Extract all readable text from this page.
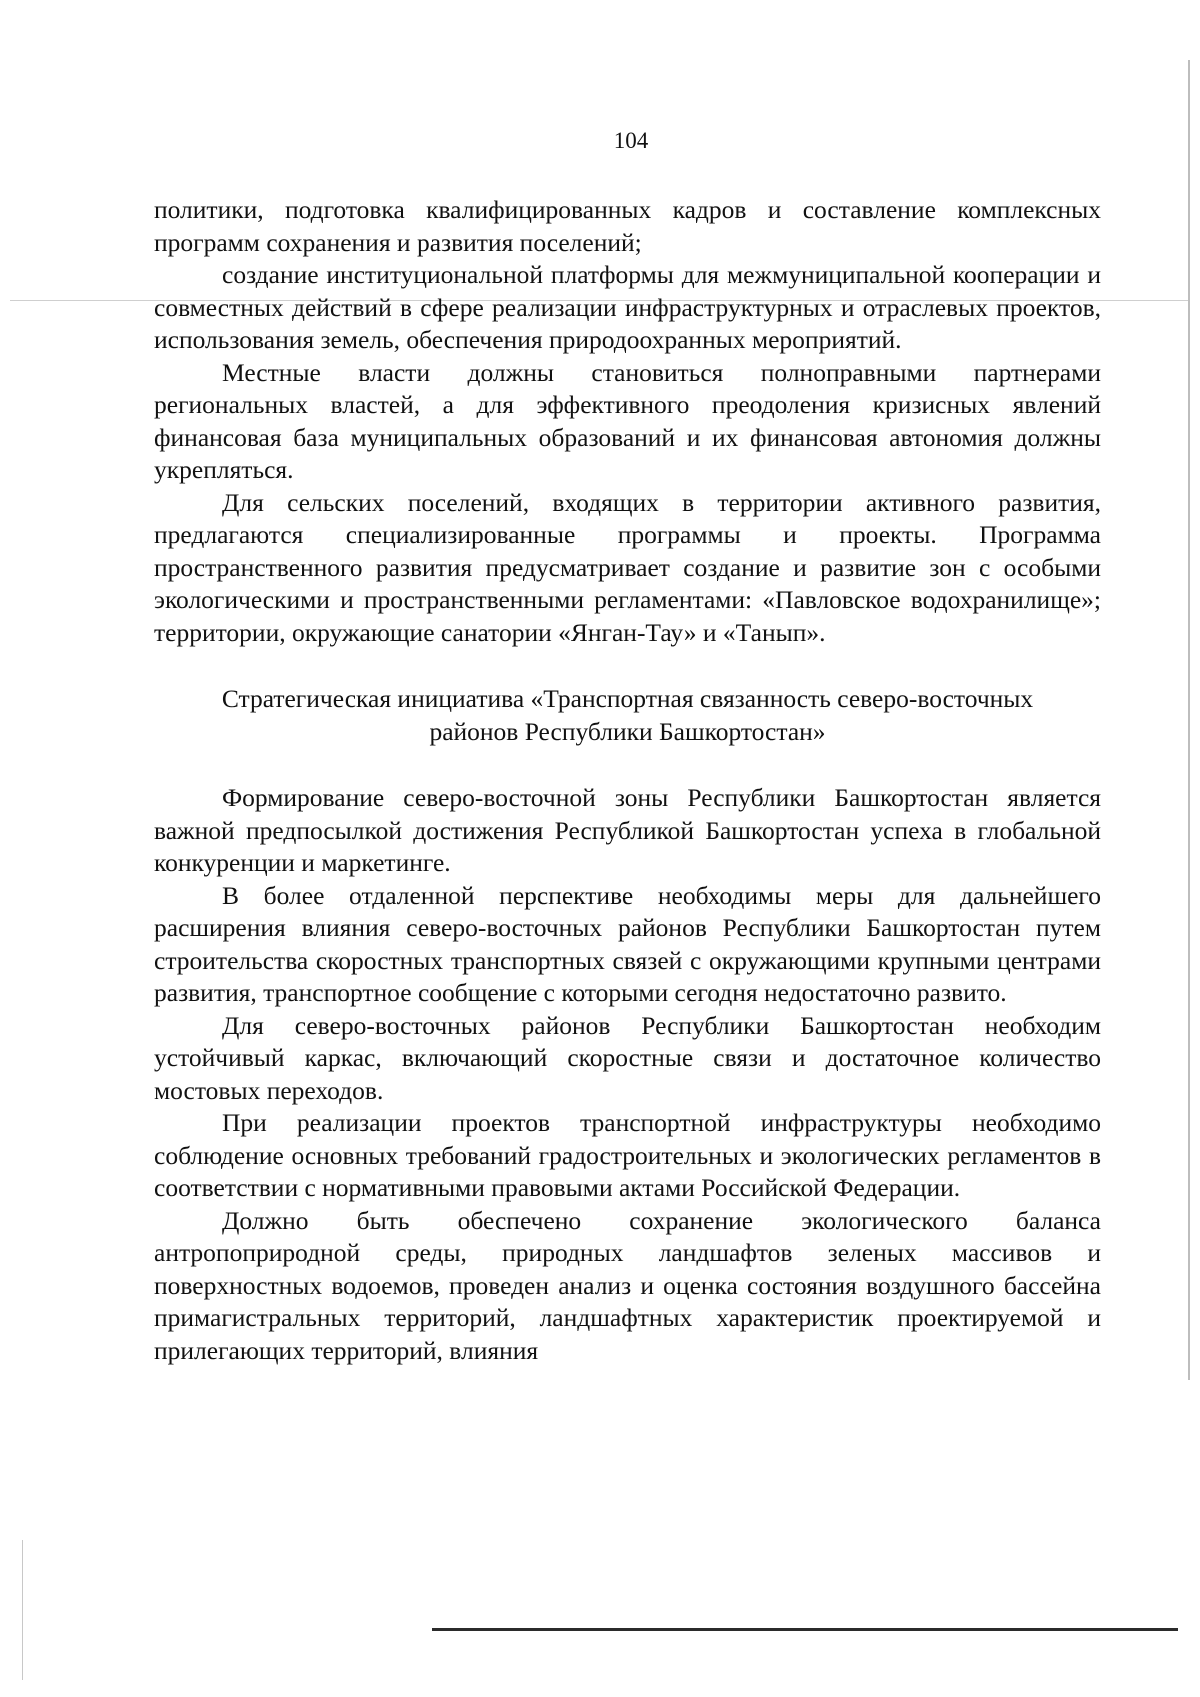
104

политики, подготовка квалифицированных кадров и составление комплексных программ сохранения и развития поселений;

создание институциональной платформы для межмуниципальной кооперации и совместных действий в сфере реализации инфраструктурных и отраслевых проектов, использования земель, обеспечения природоохранных мероприятий.

Местные власти должны становиться полноправными партнерами региональных властей, а для эффективного преодоления кризисных явлений финансовая база муниципальных образований и их финансовая автономия должны укрепляться.

Для сельских поселений, входящих в территории активного развития, предлагаются специализированные программы и проекты. Программа пространственного развития предусматривает создание и развитие зон с особыми экологическими и пространственными регламентами: «Павловское водохранилище»; территории, окружающие санатории «Янган-Тау» и «Танып».

Стратегическая инициатива «Транспортная связанность северо-восточных
районов Республики Башкортостан»

Формирование северо-восточной зоны Республики Башкортостан является важной предпосылкой достижения Республикой Башкортостан успеха в глобальной конкуренции и маркетинге.

В более отдаленной перспективе необходимы меры для дальнейшего расширения влияния северо-восточных районов Республики Башкортостан путем строительства скоростных транспортных связей с окружающими крупными центрами развития, транспортное сообщение с которыми сегодня недостаточно развито.

Для северо-восточных районов Республики Башкортостан необходим устойчивый каркас, включающий скоростные связи и достаточное количество мостовых переходов.

При реализации проектов транспортной инфраструктуры необходимо соблюдение основных требований градостроительных и экологических регламентов в соответствии с нормативными правовыми актами Российской Федерации.

Должно быть обеспечено сохранение экологического баланса антропоприродной среды, природных ландшафтов зеленых массивов и поверхностных водоемов, проведен анализ и оценка состояния воздушного бассейна примагистральных территорий, ландшафтных характеристик проектируемой и прилегающих территорий, влияния
